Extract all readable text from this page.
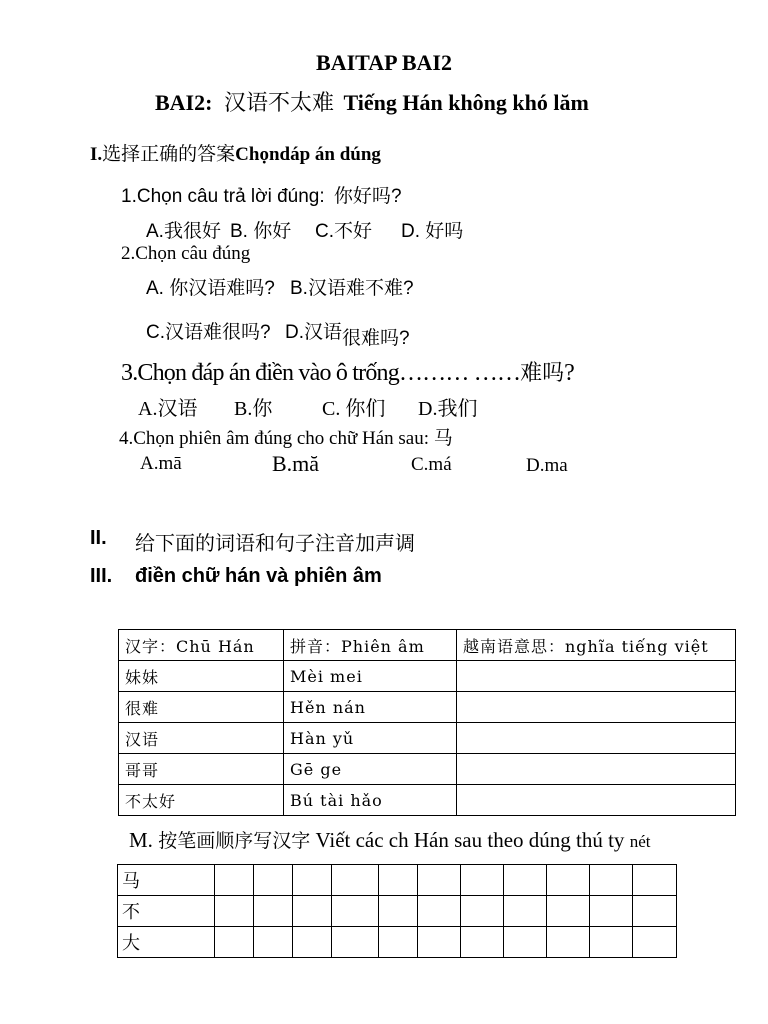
BAITAP BAI2
BAI2: 汉语不太难 Tiếng Hán không khó lăm
I.选择正确的答案Chọndáp án dúng
1.Chọn câu trả lời đúng: 你好吗?
A.我很好 B. 你好 C.不好 D. 好吗
2.Chọn câu đúng
A. 你汉语难吗? B.汉语难不难?
C.汉语难很吗? D.汉语很难吗?
3.Chọn đáp án điền vào ô trống……… ……难吗?
A.汉语 B.你 C. 你们 D.我们
4.Chọn phiên âm đúng cho chữ Hán sau: 马
A.mā	B.mă	C.má	D.ma
II. 给下面的词语和句子注音加声调
III. điền chữ hán và phiên âm
汉字：Chū Hán	拼音：Phiên âm	越南语意思：nghĩa tiếng việt
妹妹	Mèi mei	
很难	Hěn nán	
汉语	Hàn yǔ	
哥哥	Gē ge	
不太好	Bú tài hǎo	
M. 按笔画顺序写汉字 Viết các ch Hán sau theo dúng thú ty nét
马											
不											
大											
